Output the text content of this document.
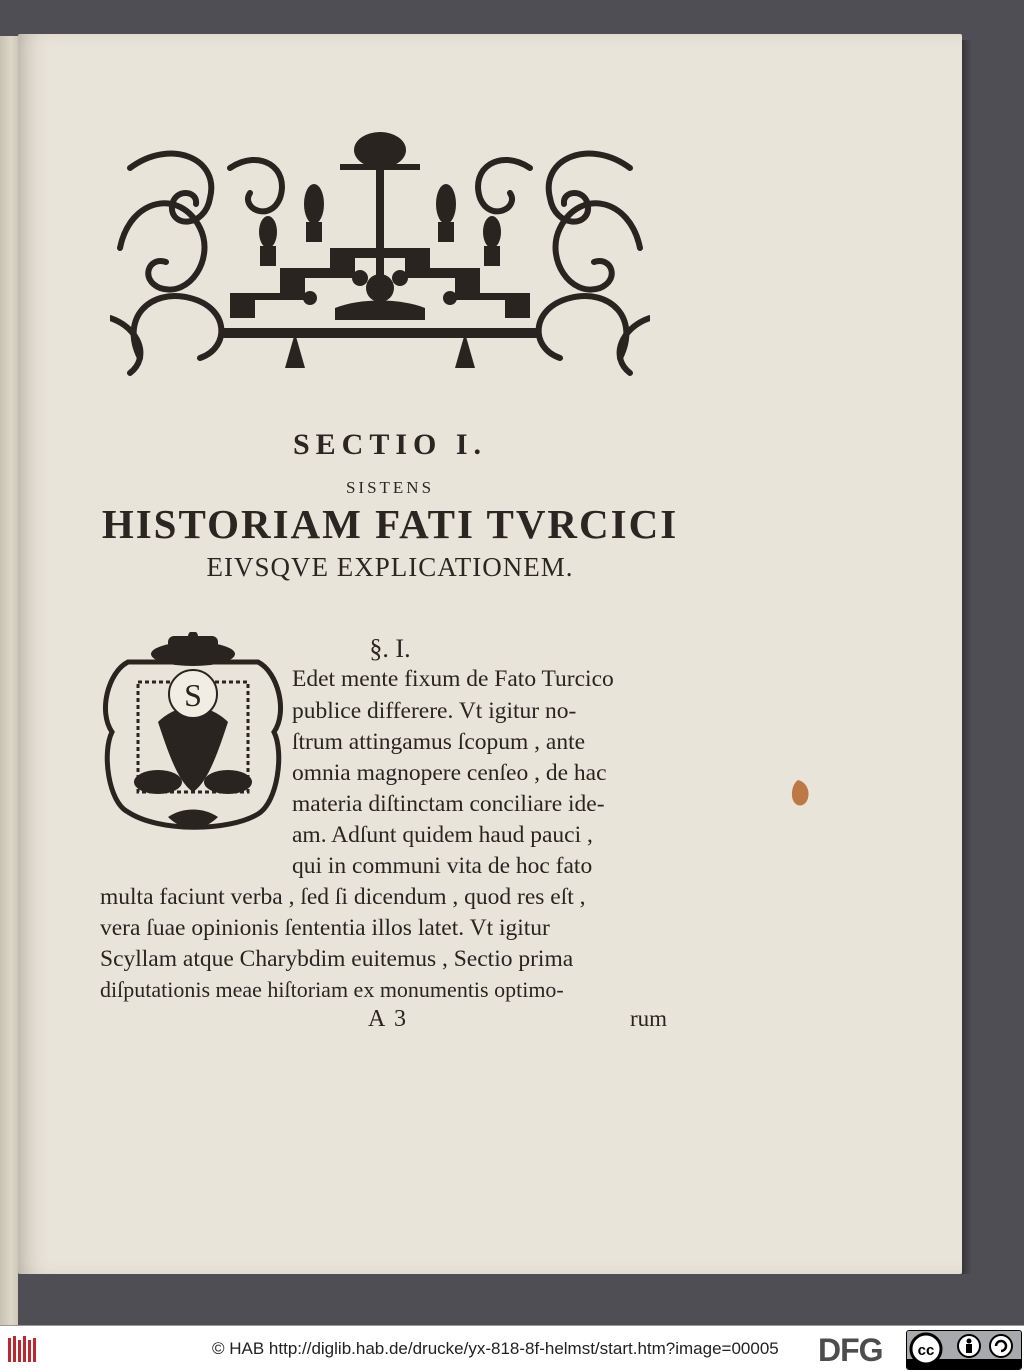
SECTIO I.
SISTENS
HISTORIAM FATI TVRCICI
EIVSQVE EXPLICATIONEM.
§. I.
S	Edet mente fixum de Fato Turcico
publice differere. Vt igitur no-
ſtrum attingamus ſcopum , ante
omnia magnopere cenſeo , de hac
materia diſtinctam conciliare ide-
am. Adſunt quidem haud pauci ,
qui in communi vita de hoc fato
multa faciunt verba , ſed ſi dicendum , quod res eſt ,
vera ſuae opinionis ſententia illos latet. Vt igitur
Scyllam atque Charybdim euitemus , Sectio prima
diſputationis meae hiſtoriam ex monumentis optimo-
A 3	rum
© HAB http://diglib.hab.de/drucke/yx-818-8f-helmst/start.htm?image=00005 DFG cc
